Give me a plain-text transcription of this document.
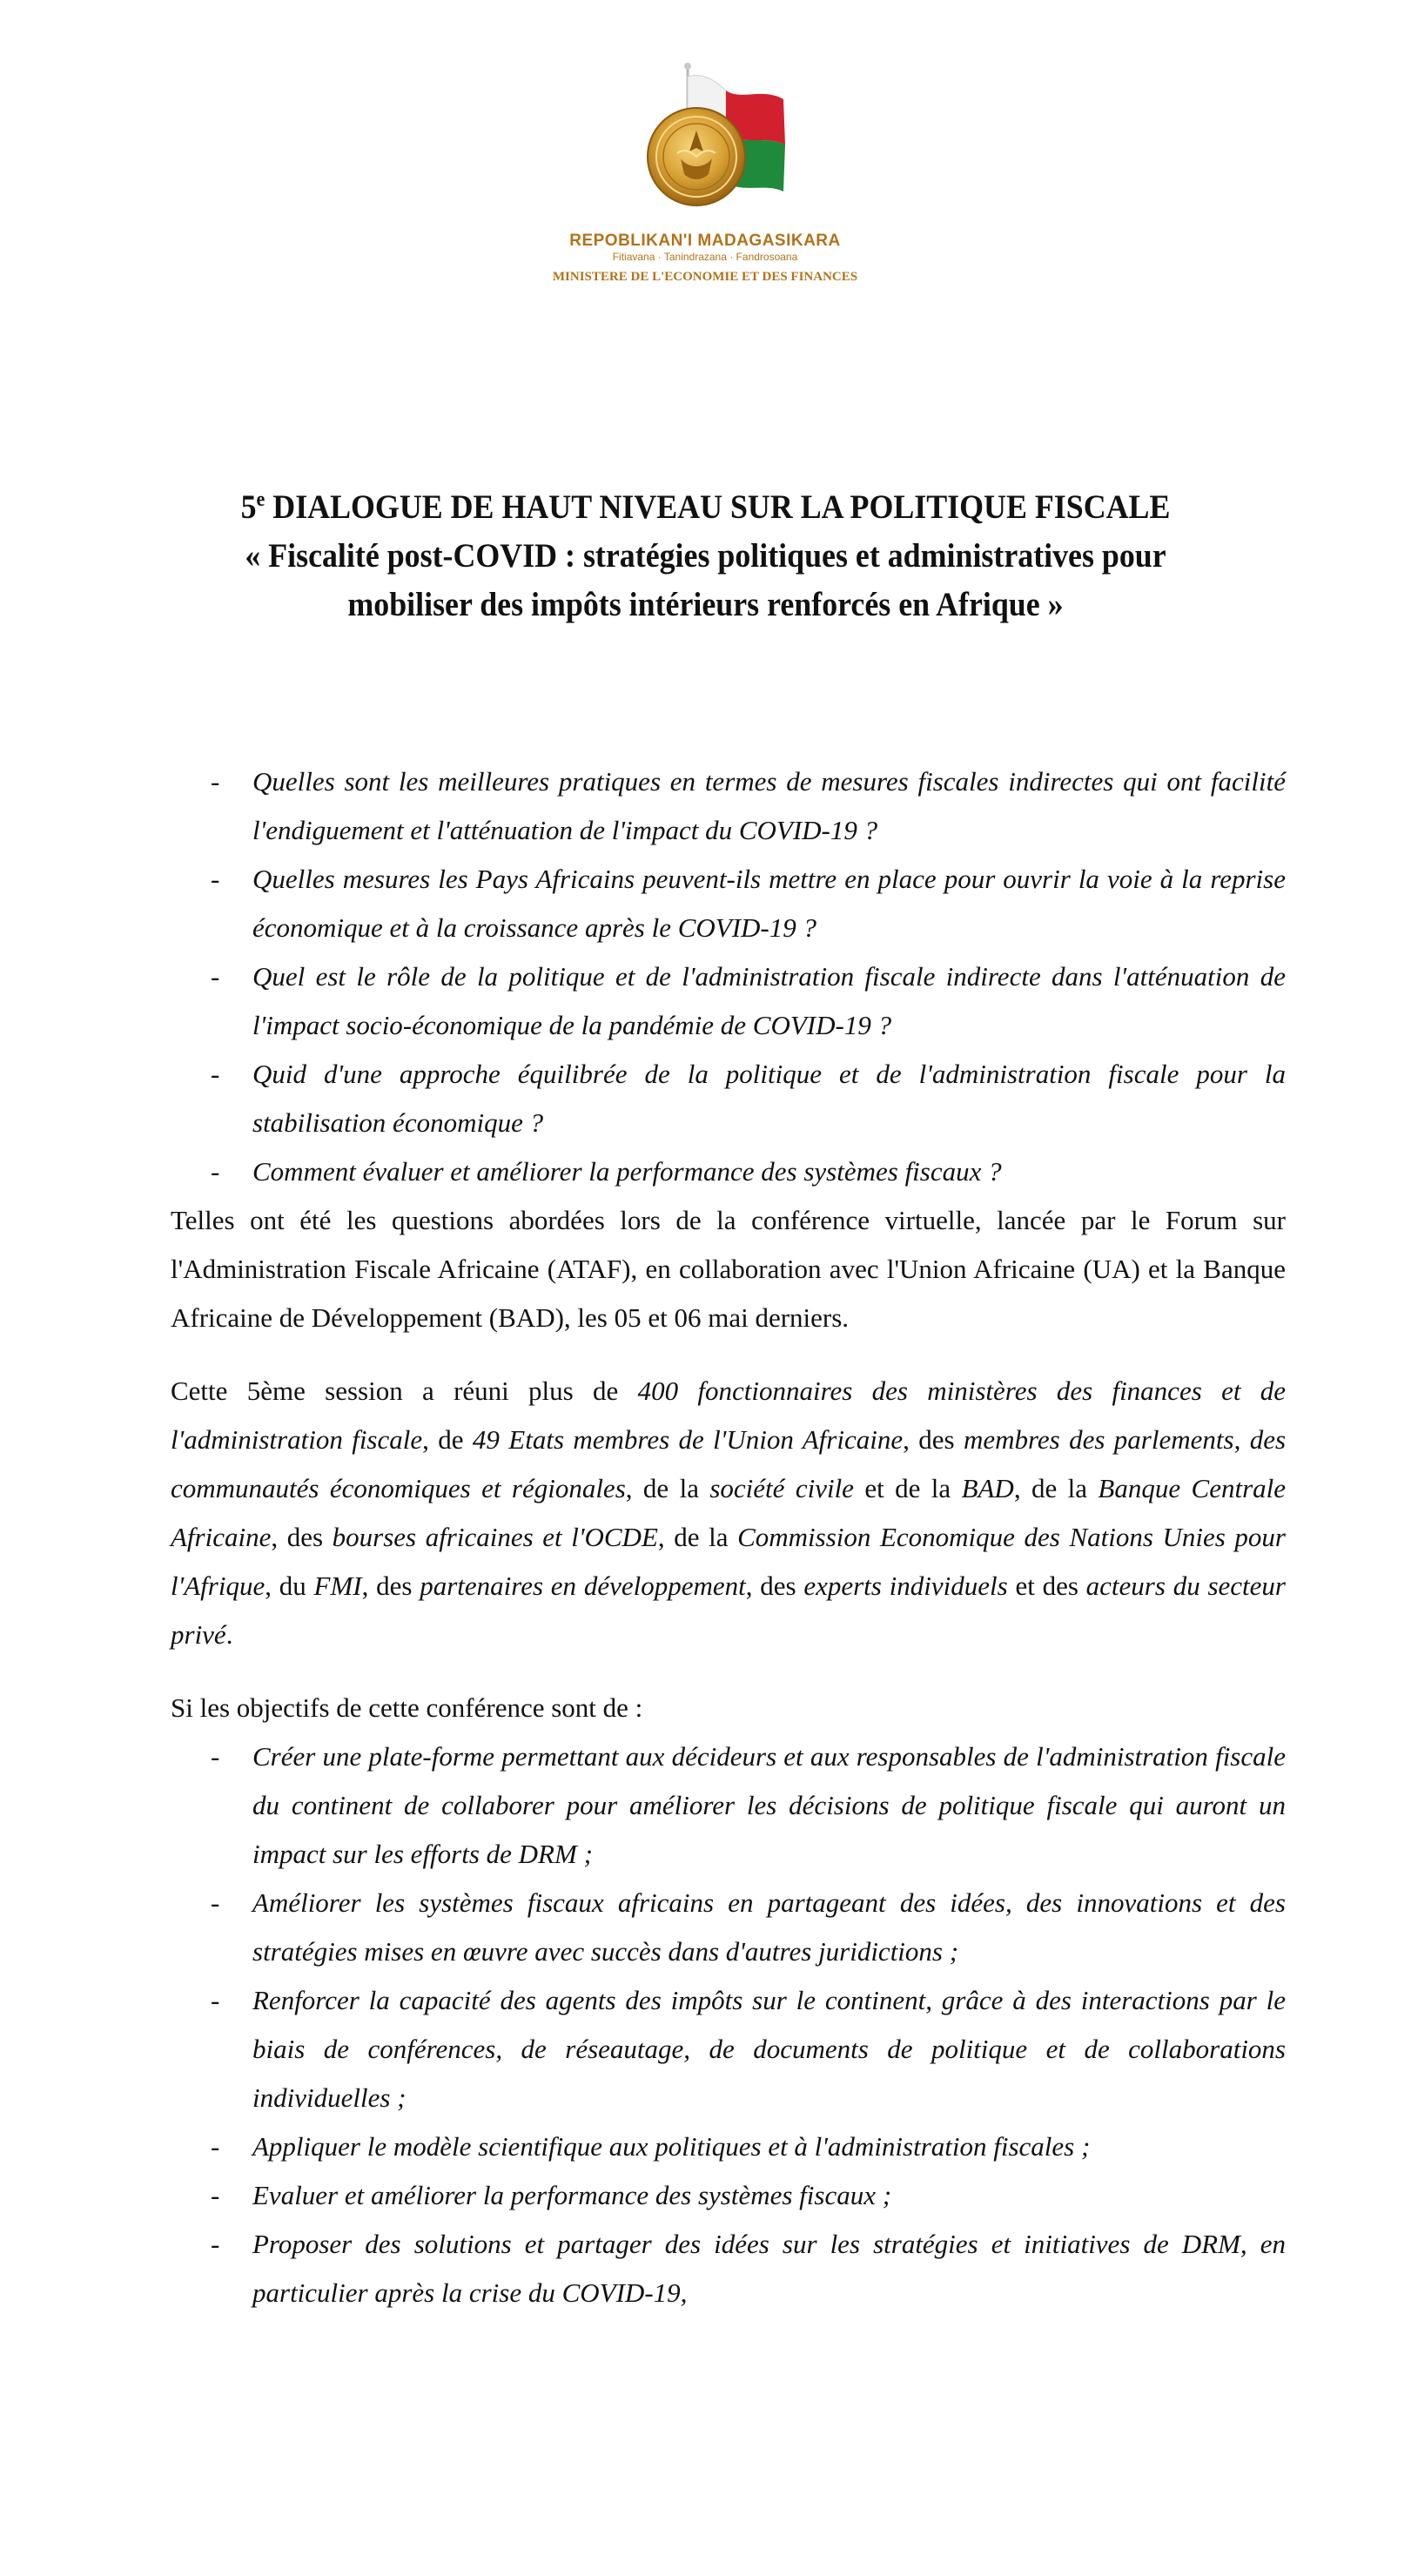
REPOBLIKAN'I MADAGASIKARA
Fitiavana · Tanindrazana · Fandrosoana
MINISTERE DE L'ECONOMIE ET DES FINANCES
5e DIALOGUE DE HAUT NIVEAU SUR LA POLITIQUE FISCALE
« Fiscalité post-COVID : stratégies politiques et administratives pour
mobiliser des impôts intérieurs renforcés en Afrique »
- Quelles sont les meilleures pratiques en termes de mesures fiscales indirectes qui ont facilité l'endiguement et l'atténuation de l'impact du COVID-19 ?
- Quelles mesures les Pays Africains peuvent-ils mettre en place pour ouvrir la voie à la reprise économique et à la croissance après le COVID-19 ?
- Quel est le rôle de la politique et de l'administration fiscale indirecte dans l'atténuation de l'impact socio-économique de la pandémie de COVID-19 ?
- Quid d'une approche équilibrée de la politique et de l'administration fiscale pour la stabilisation économique ?
- Comment évaluer et améliorer la performance des systèmes fiscaux ?

Telles ont été les questions abordées lors de la conférence virtuelle, lancée par le Forum sur l'Administration Fiscale Africaine (ATAF), en collaboration avec l'Union Africaine (UA) et la Banque Africaine de Développement (BAD), les 05 et 06 mai derniers.

Cette 5ème session a réuni plus de 400 fonctionnaires des ministères des finances et de l'administration fiscale, de 49 Etats membres de l'Union Africaine, des membres des parlements, des communautés économiques et régionales, de la société civile et de la BAD, de la Banque Centrale Africaine, des bourses africaines et l'OCDE, de la Commission Economique des Nations Unies pour l'Afrique, du FMI, des partenaires en développement, des experts individuels et des acteurs du secteur privé.

Si les objectifs de cette conférence sont de :

- Créer une plate-forme permettant aux décideurs et aux responsables de l'administration fiscale du continent de collaborer pour améliorer les décisions de politique fiscale qui auront un impact sur les efforts de DRM ;
- Améliorer les systèmes fiscaux africains en partageant des idées, des innovations et des stratégies mises en œuvre avec succès dans d'autres juridictions ;
- Renforcer la capacité des agents des impôts sur le continent, grâce à des interactions par le biais de conférences, de réseautage, de documents de politique et de collaborations individuelles ;
- Appliquer le modèle scientifique aux politiques et à l'administration fiscales ;
- Evaluer et améliorer la performance des systèmes fiscaux ;
- Proposer des solutions et partager des idées sur les stratégies et initiatives de DRM, en particulier après la crise du COVID-19,
